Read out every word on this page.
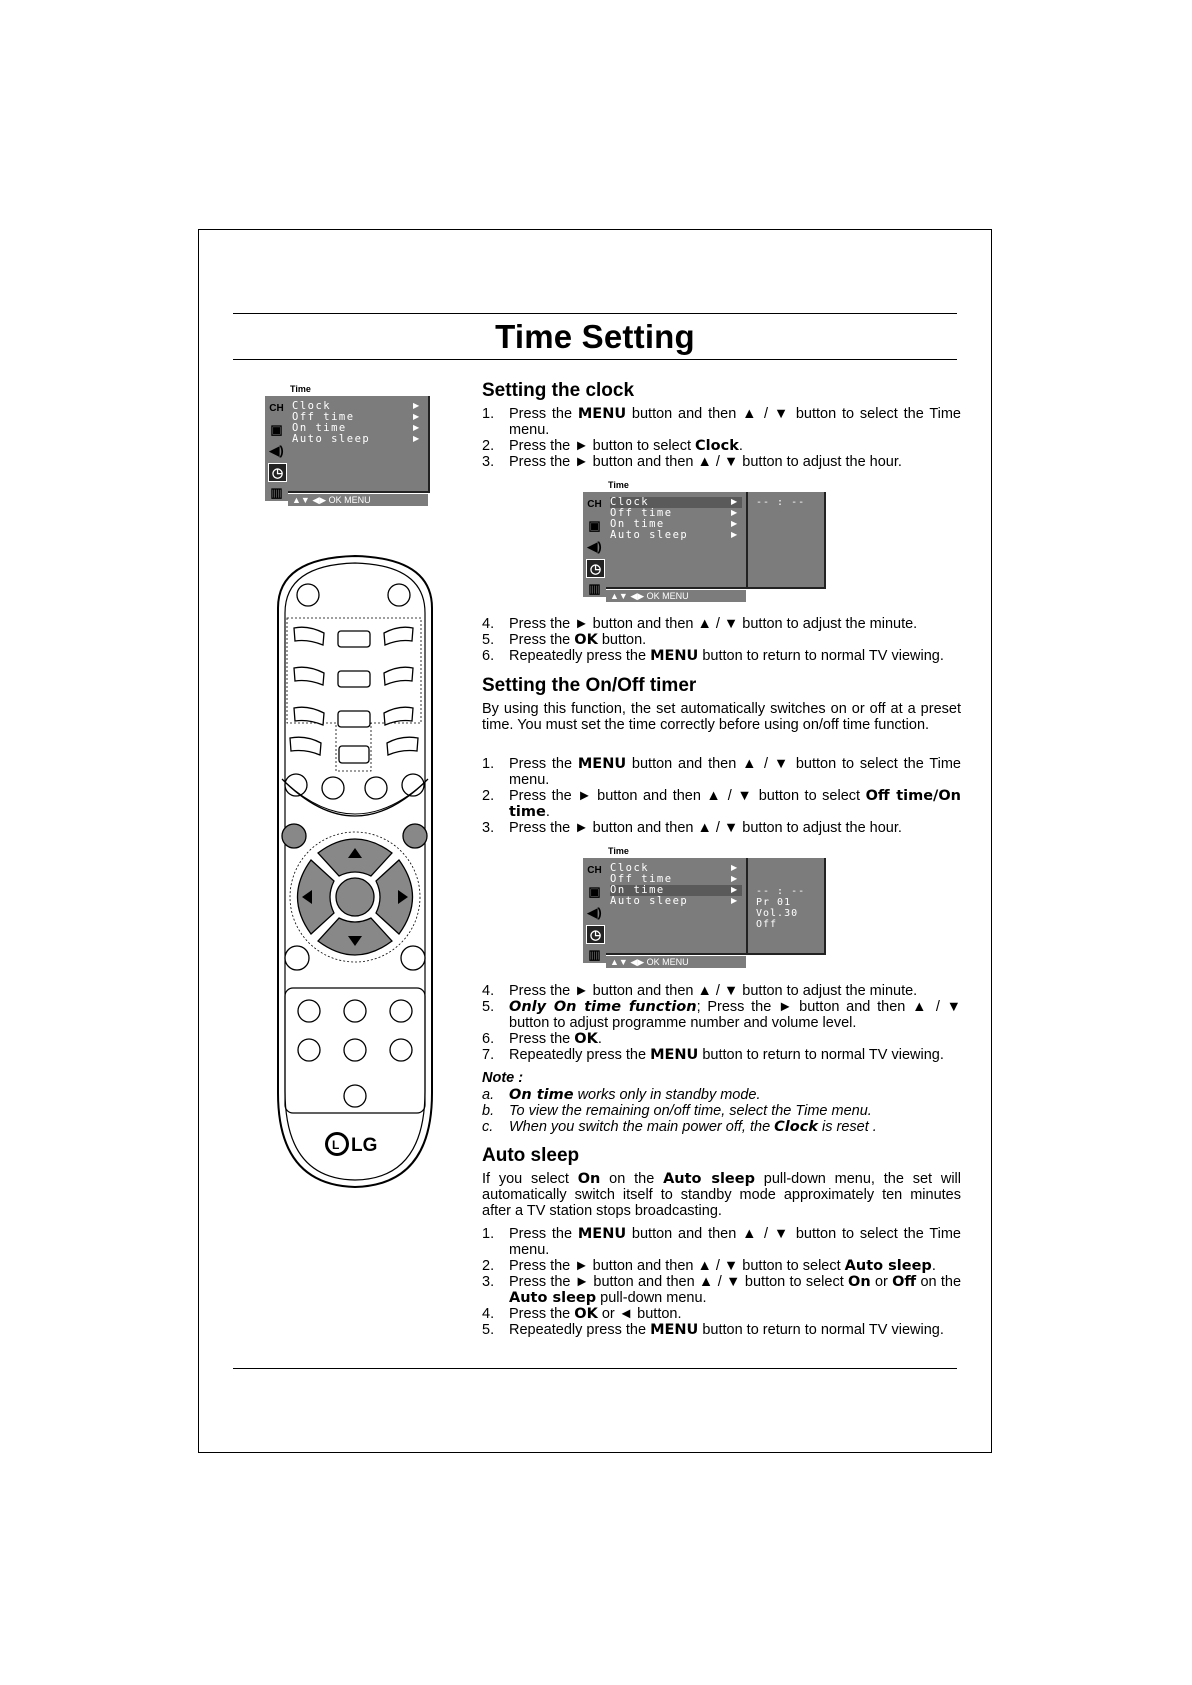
Time Setting
Time
CH
▣
◀)
◷
▥
Clock	▶
Off time	▶
On time	▶
Auto sleep	▶
▲▼ ◀▶ OK MENU
Time
CH
▣
◀)
◷
▥
Clock	▶
Off time	▶
On time	▶
Auto sleep	▶
▲▼ ◀▶ OK MENU
-- : --
Time
CH
▣
◀)
◷
▥
Clock	▶
Off time	▶
On time	▶
Auto sleep	▶
▲▼ ◀▶ OK MENU
-- : --
Pr 01
Vol.30
Off
L LG
Setting the clock
1.	Press the MENU button and then ▲ / ▼ button to select the Time menu.
2.	Press the ► button to select Clock.
3.	Press the ► button and then ▲ / ▼ button to adjust the hour.
4.	Press the ► button and then ▲ / ▼ button to adjust the minute.
5.	Press the OK button.
6.	Repeatedly press the MENU button to return to normal TV viewing.
Setting the On/Off timer
By using this function, the set automatically switches on or off at a preset time. You must set the time correctly before using on/off time function.
1.	Press the MENU button and then ▲ / ▼ button to select the Time menu.
2.	Press the ► button and then ▲ / ▼ button to select Off time/On time.
3.	Press the ► button and then ▲ / ▼ button to adjust the hour.
4.	Press the ► button and then ▲ / ▼ button to adjust the minute.
5.	Only On time function; Press the ► button and then ▲ / ▼ button to adjust programme number and volume level.
6.	Press the OK.
7.	Repeatedly press the MENU button to return to normal TV viewing.
Note :
a. On time works only in standby mode.
b. To view the remaining on/off time, select the Time menu.
c. When you switch the main power off, the Clock is reset .
Auto sleep
If you select On on the Auto sleep pull-down menu, the set will automatically switch itself to standby mode approximately ten minutes after a TV station stops broadcasting.
1.	Press the MENU button and then ▲ / ▼ button to select the Time menu.
2.	Press the ► button and then ▲ / ▼ button to select Auto sleep.
3.	Press the ► button and then ▲ / ▼ button to select On or Off on the Auto sleep pull-down menu.
4.	Press the OK or ◄ button.
5.	Repeatedly press the MENU button to return to normal TV viewing.
